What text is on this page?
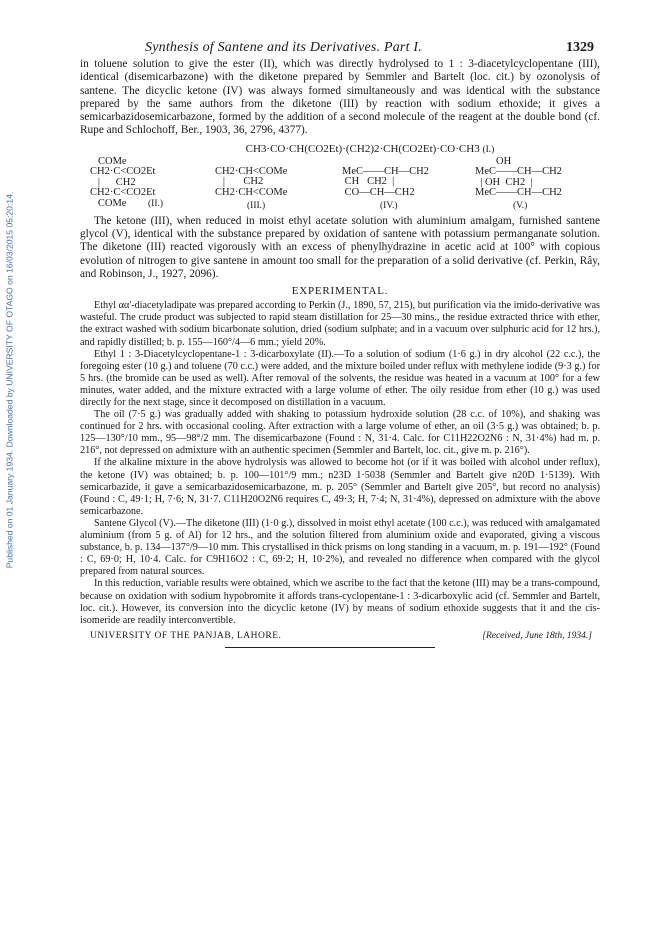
Published on 01 January 1934. Downloaded by UNIVERSITY OF OTAGO on 16/03/2015 05:20:14.
Synthesis of Santene and its Derivatives. Part I.	1329

in toluene solution to give the ester (II), which was directly hydrolysed to 1 : 3-diacetylcyclopentane (III), identical (disemicarbazone) with the diketone prepared by Semmler and Bartelt (loc. cit.) by ozonolysis of santene. The dicyclic ketone (IV) was always formed simultaneously and was identical with the substance prepared by the same authors from the diketone (III) by reaction with sodium ethoxide; it gives a semicarbazidosemicarbazone, formed by the addition of a second molecule of the reagent at the double bond (cf. Rupe and Schlochoff, Ber., 1903, 36, 2796, 4377).

CH3·CO·CH(CO2Et)·(CH2)2·CH(CO2Et)·CO·CH3 (I.)
COMe
CH2·C<CO2Et
|      CH2
CH2·C<CO2Et
COMe	(II.)
CH2·CH<COMe
|       CH2
CH2·CH<COMe
(III.)
MeC——CH—CH2
CH   CH2  |
CO—CH—CH2
(IV.)
OH
MeC——CH—CH2
| OH  CH2  |
MeC——CH—CH2
(V.)

The ketone (III), when reduced in moist ethyl acetate solution with aluminium amalgam, furnished santene glycol (V), identical with the substance prepared by oxidation of santene with potassium permanganate solution. The diketone (III) reacted vigorously with an excess of phenylhydrazine in acetic acid at 100° with copious evolution of nitrogen to give santene in amount too small for the preparation of a solid derivative (cf. Perkin, Rây, and Robinson, J., 1927, 2096).

EXPERIMENTAL.

Ethyl αα'-diacetyladipate was prepared according to Perkin (J., 1890, 57, 215), but purification via the imido-derivative was wasteful. The crude product was subjected to rapid steam distillation for 25—30 mins., the residue extracted thrice with ether, the extract washed with sodium bicarbonate solution, dried (sodium sulphate; and in a vacuum over sulphuric acid for 12 hrs.), and rapidly distilled; b. p. 155—160°/4—6 mm.; yield 20%.

Ethyl 1 : 3-Diacetylcyclopentane-1 : 3-dicarboxylate (II).—To a solution of sodium (1·6 g.) in dry alcohol (22 c.c.), the foregoing ester (10 g.) and toluene (70 c.c.) were added, and the mixture boiled under reflux with methylene iodide (9·3 g.) for 5 hrs. (the bromide can be used as well). After removal of the solvents, the residue was heated in a vacuum at 100° for a few minutes, water added, and the mixture extracted with a large volume of ether. The oily residue from ether (10 g.) was used directly for the next stage, since it decomposed on distillation in a vacuum.

The oil (7·5 g.) was gradually added with shaking to potassium hydroxide solution (28 c.c. of 10%), and shaking was continued for 2 hrs. with occasional cooling. After extraction with a large volume of ether, an oil (3·5 g.) was obtained; b. p. 125—130°/10 mm., 95—98°/2 mm. The disemicarbazone (Found : N, 31·4. Calc. for C11H22O2N6 : N, 31·4%) had m. p. 216°, not depressed on admixture with an authentic specimen (Semmler and Bartelt, loc. cit., give m. p. 216°).

If the alkaline mixture in the above hydrolysis was allowed to become hot (or if it was boiled with alcohol under reflux), the ketone (IV) was obtained; b. p. 100—101°/9 mm.; n23D 1·5038 (Semmler and Bartelt give n20D 1·5139). With semicarbazide, it gave a semicarbazidosemicarbazone, m. p. 205° (Semmler and Bartelt give 205°, but record no analysis) (Found : C, 49·1; H, 7·6; N, 31·7. C11H20O2N6 requires C, 49·3; H, 7·4; N, 31·4%), depressed on admixture with the above semicarbazone.

Santene Glycol (V).—The diketone (III) (1·0 g.), dissolved in moist ethyl acetate (100 c.c.), was reduced with amalgamated aluminium (from 5 g. of Al) for 12 hrs., and the solution filtered from aluminium oxide and evaporated, giving a viscous substance, b. p. 134—137°/9—10 mm. This crystallised in thick prisms on long standing in a vacuum, m. p. 191—192° (Found : C, 69·0; H, 10·4. Calc. for C9H16O2 : C, 69·2; H, 10·2%), and revealed no difference when compared with the glycol prepared from natural sources.

In this reduction, variable results were obtained, which we ascribe to the fact that the ketone (III) may be a trans-compound, because on oxidation with sodium hypobromite it affords trans-cyclopentane-1 : 3-dicarboxylic acid (cf. Semmler and Bartelt, loc. cit.). However, its conversion into the dicyclic ketone (IV) by means of sodium ethoxide suggests that it and the cis-isomeride are readily interconvertible.

UNIVERSITY OF THE PANJAB, LAHORE.	[Received, June 18th, 1934.]
